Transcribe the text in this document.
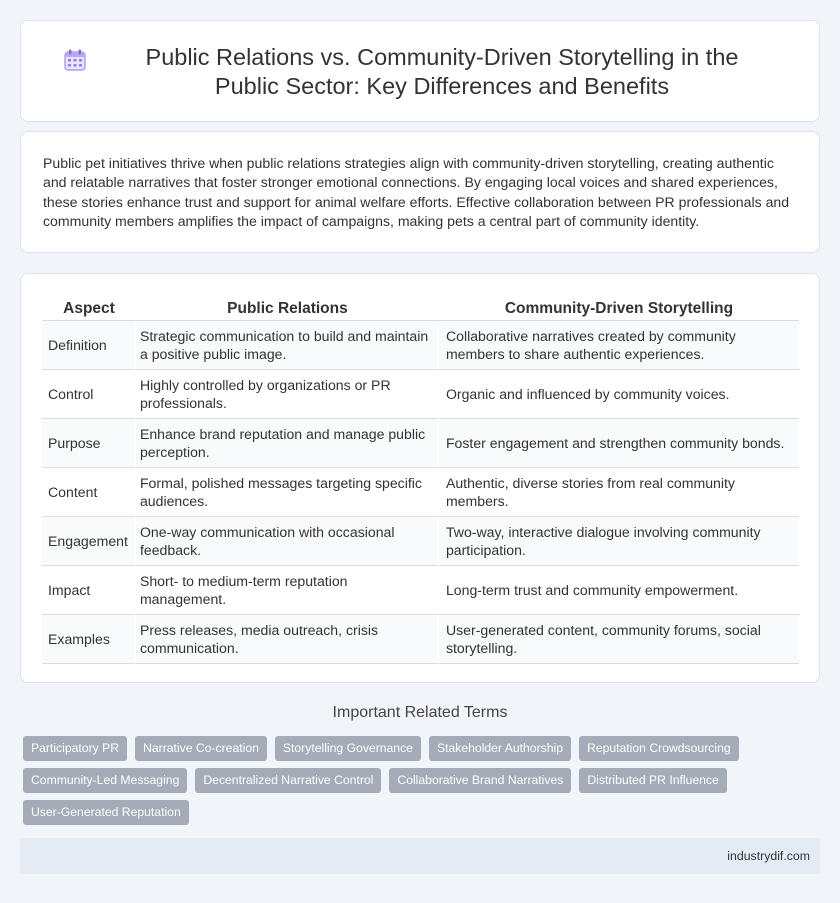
Public Relations vs. Community-Driven Storytelling in the Public Sector: Key Differences and Benefits

Public pet initiatives thrive when public relations strategies align with community-driven storytelling, creating authentic and relatable narratives that foster stronger emotional connections. By engaging local voices and shared experiences, these stories enhance trust and support for animal welfare efforts. Effective collaboration between PR professionals and community members amplifies the impact of campaigns, making pets a central part of community identity.

Aspect	Public Relations	Community-Driven Storytelling
Definition	Strategic communication to build and maintain a positive public image.	Collaborative narratives created by community members to share authentic experiences.
Control	Highly controlled by organizations or PR professionals.	Organic and influenced by community voices.
Purpose	Enhance brand reputation and manage public perception.	Foster engagement and strengthen community bonds.
Content	Formal, polished messages targeting specific audiences.	Authentic, diverse stories from real community members.
Engagement	One-way communication with occasional feedback.	Two-way, interactive dialogue involving community participation.
Impact	Short- to medium-term reputation management.	Long-term trust and community empowerment.
Examples	Press releases, media outreach, crisis communication.	User-generated content, community forums, social storytelling.
Important Related Terms
Participatory PR	Narrative Co-creation	Storytelling Governance	Stakeholder Authorship	Reputation Crowdsourcing
Community-Led Messaging	Decentralized Narrative Control	Collaborative Brand Narratives	Distributed PR Influence
User-Generated Reputation
industrydif.com
